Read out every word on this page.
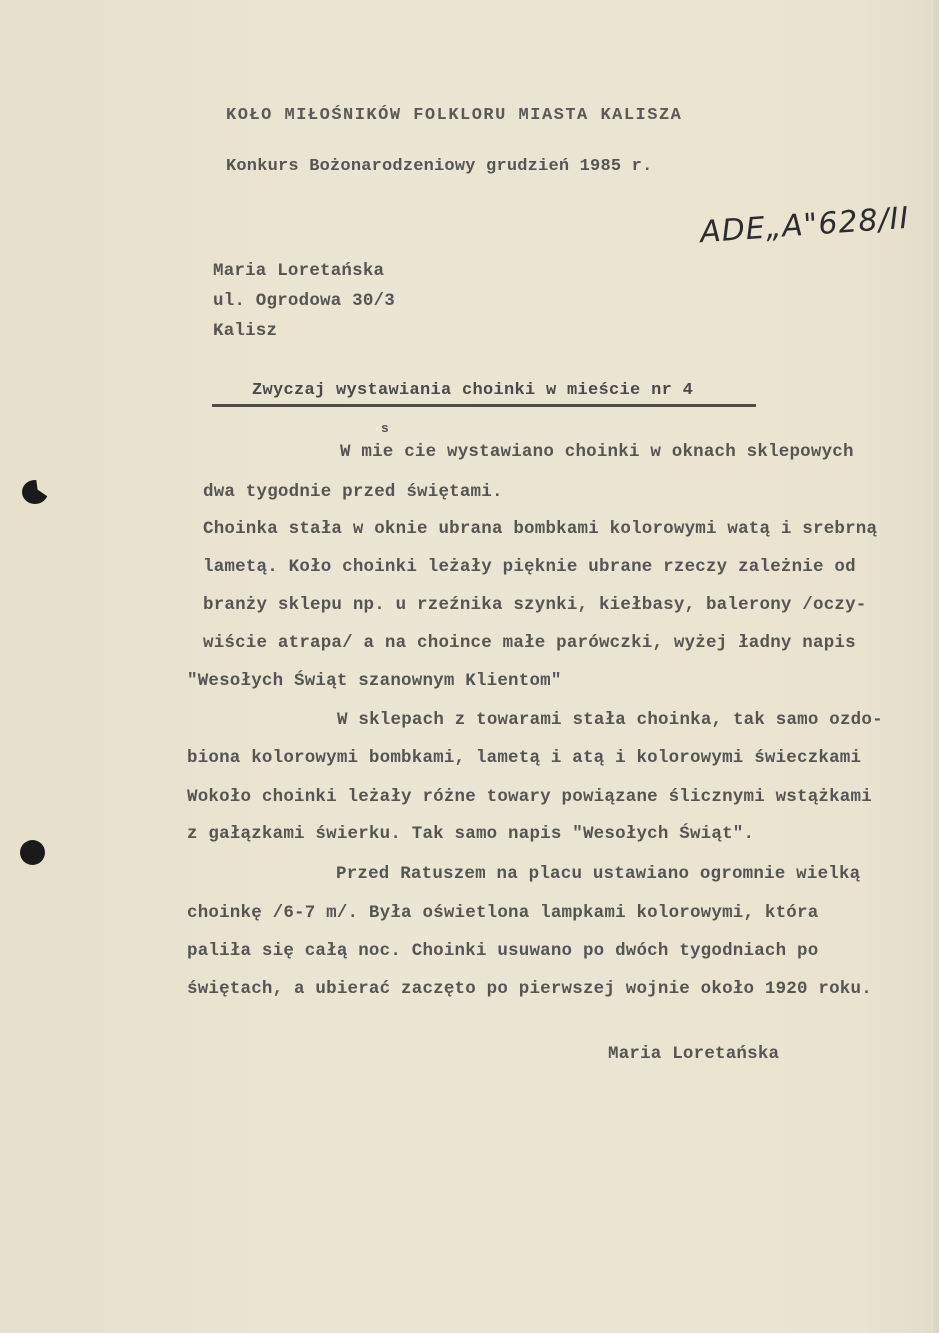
KOŁO MIŁOŚNIKÓW FOLKLORU MIASTA KALISZA
Konkurs Bożonarodzeniowy grudzień 1985 r.
ADE„A"628/II
Maria Loretańska
ul. Ogrodowa 30/3
Kalisz
Zwyczaj wystawiania choinki w mieście nr 4
s
W mie cie wystawiano choinki w oknach sklepowych
dwa tygodnie przed świętami.
Choinka stała w oknie ubrana bombkami kolorowymi watą i srebrną
lametą. Koło choinki leżały pięknie ubrane rzeczy zależnie od
branży sklepu np. u rzeźnika szynki, kiełbasy, balerony /oczy-
wiście atrapa/ a na choince małe parówczki, wyżej ładny napis
"Wesołych Świąt szanownym Klientom"
W sklepach z towarami stała choinka, tak samo ozdo-
biona kolorowymi bombkami, lametą i atą i kolorowymi świeczkami
Wokoło choinki leżały różne towary powiązane ślicznymi wstążkami
z gałązkami świerku. Tak samo napis "Wesołych Świąt".
Przed Ratuszem na placu ustawiano ogromnie wielką
choinkę /6-7 m/. Była oświetlona lampkami kolorowymi, która
paliła się całą noc. Choinki usuwano po dwóch tygodniach po
świętach, a ubierać zaczęto po pierwszej wojnie około 1920 roku.
Maria Loretańska
